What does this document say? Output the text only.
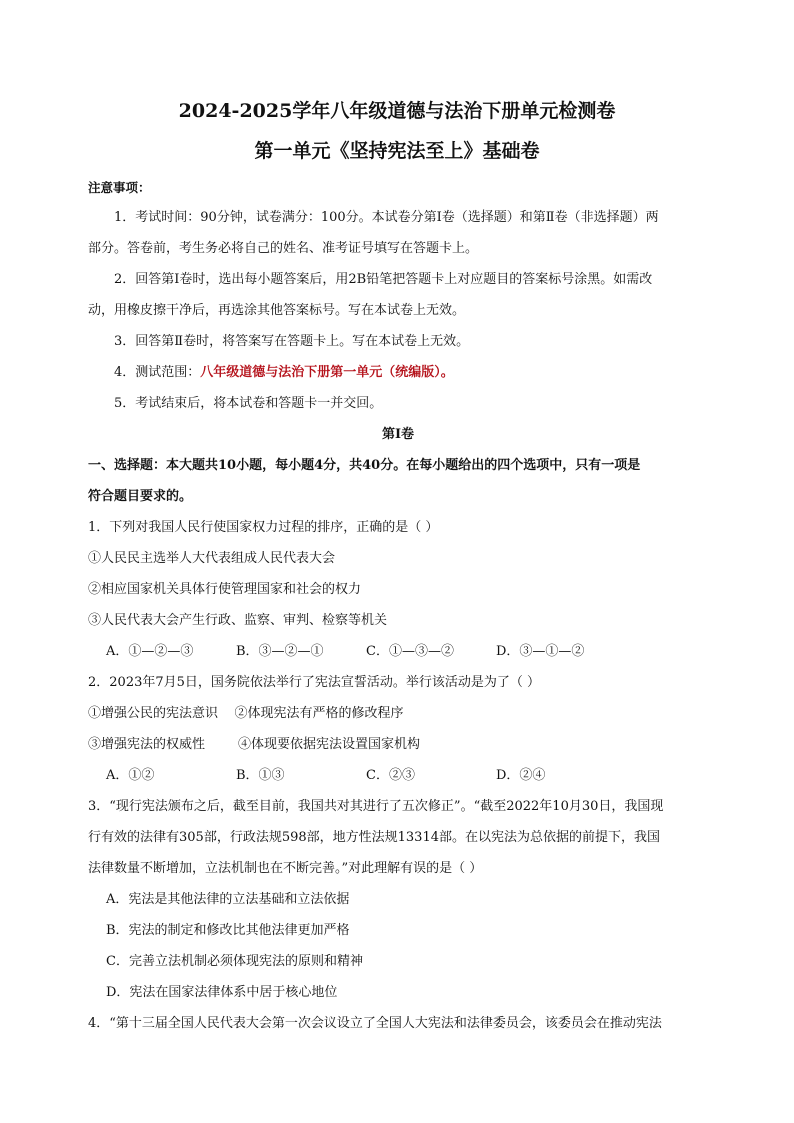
2024-2025学年八年级道德与法治下册单元检测卷
第一单元《坚持宪法至上》基础卷
注意事项：

1．考试时间：90分钟，试卷满分：100分。本试卷分第Ⅰ卷（选择题）和第Ⅱ卷（非选择题）两

部分。答卷前，考生务必将自己的姓名、准考证号填写在答题卡上。

2．回答第Ⅰ卷时，选出每小题答案后，用2B铅笔把答题卡上对应题目的答案标号涂黑。如需改

动，用橡皮擦干净后，再选涂其他答案标号。写在本试卷上无效。

3．回答第Ⅱ卷时，将答案写在答题卡上。写在本试卷上无效。

4．测试范围：八年级道德与法治下册第一单元（统编版）。

5．考试结束后，将本试卷和答题卡一并交回。

第Ⅰ卷

一、选择题：本大题共10小题，每小题4分，共40分。在每小题给出的四个选项中，只有一项是

符合题目要求的。

1．下列对我国人民行使国家权力过程的排序，正确的是（ ）

①人民民主选举人大代表组成人民代表大会

②相应国家机关具体行使管理国家和社会的权力

③人民代表大会产生行政、监察、审判、检察等机关

A．①—②—③	B．③—②—①	C．①—③—②	D．③—①—②

2．2023年7月5日，国务院依法举行了宪法宣誓活动。举行该活动是为了（ ）

①增强公民的宪法意识    ②体现宪法有严格的修改程序

③增强宪法的权威性        ④体现要依据宪法设置国家机构

A．①②	B．①③	C．②③	D．②④

3．“现行宪法颁布之后，截至目前，我国共对其进行了五次修正”。“截至2022年10月30日，我国现

行有效的法律有305部，行政法规598部，地方性法规13314部。在以宪法为总依据的前提下，我国

法律数量不断增加，立法机制也在不断完善。”对此理解有误的是（ ）

A．宪法是其他法律的立法基础和立法依据

B．宪法的制定和修改比其他法律更加严格

C．完善立法机制必须体现宪法的原则和精神

D．宪法在国家法律体系中居于核心地位

4．“第十三届全国人民代表大会第一次会议设立了全国人大宪法和法律委员会，该委员会在推动宪法
